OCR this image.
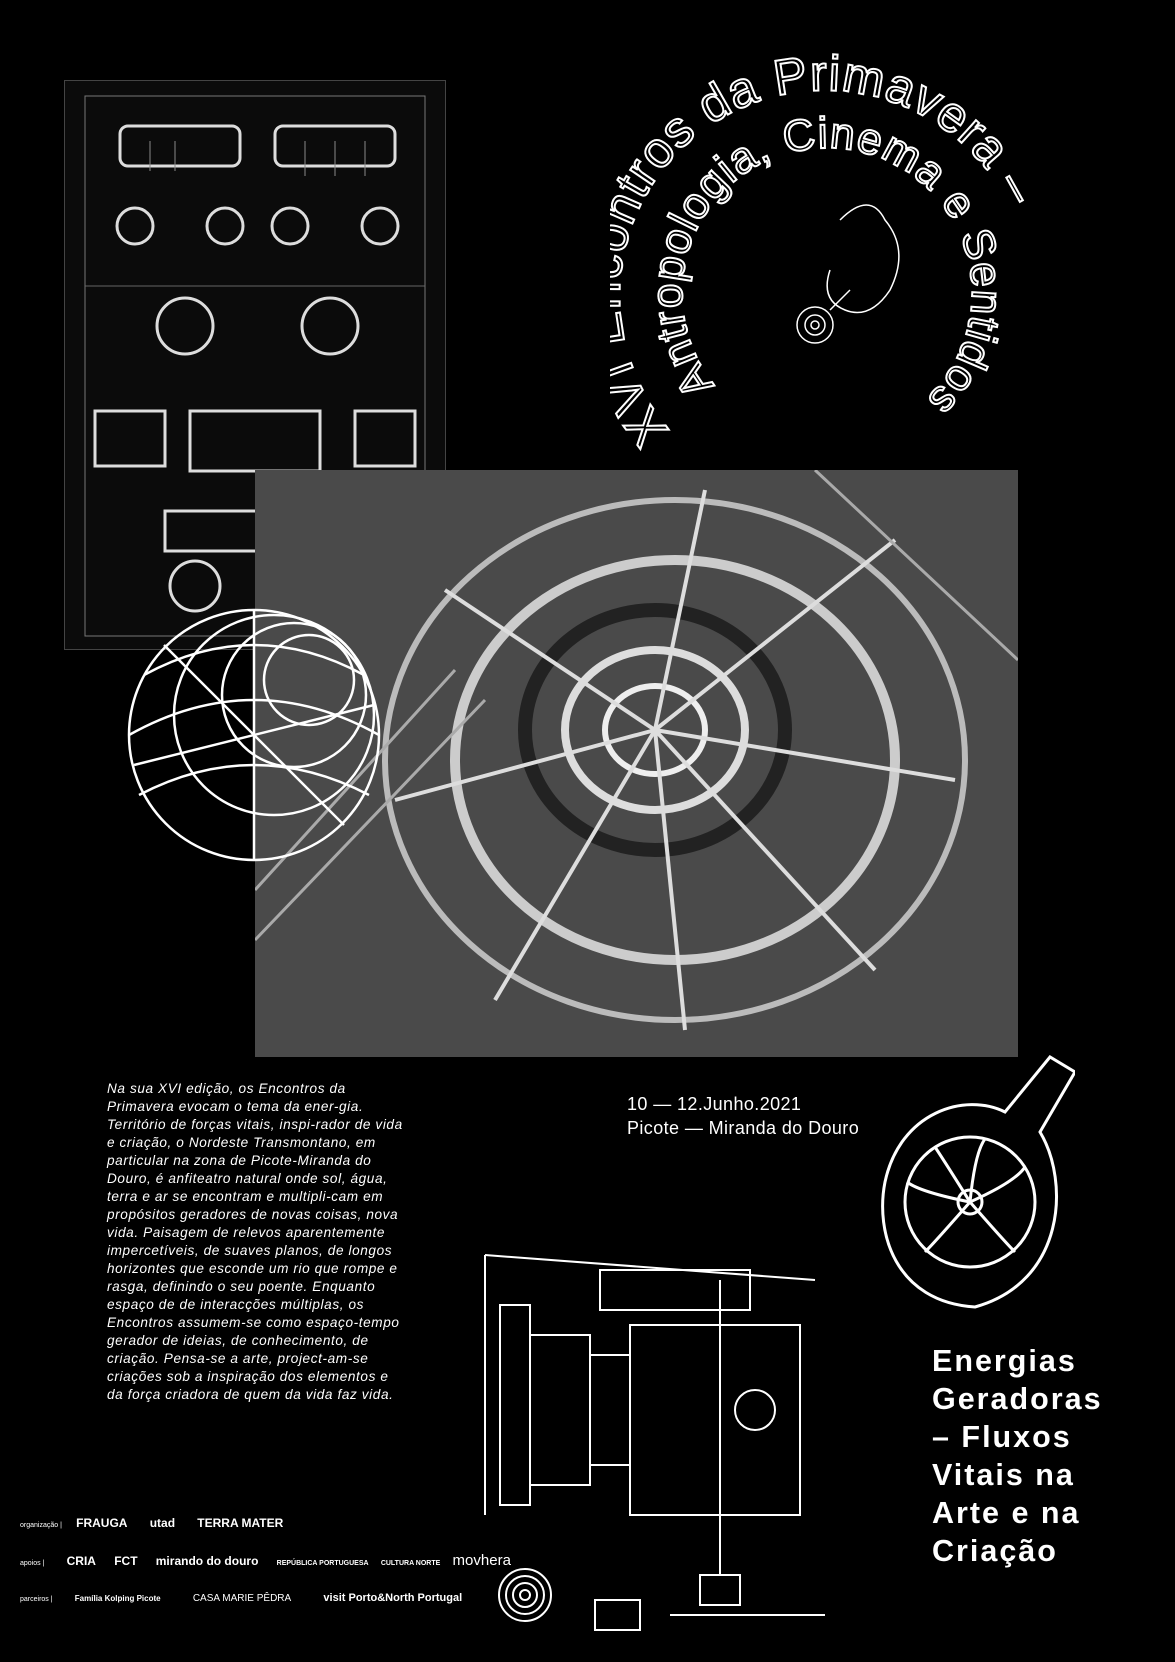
X ros da Primavera –
Antropologia, Cinema e Sentidos
Na sua XVI edição, os Encontros da Primavera evocam o tema da ener-gia. Território de forças vitais, inspi-rador de vida e criação, o Nordeste Transmontano, em particular na zona de Picote-Miranda do Douro, é anfiteatro natural onde sol, água, terra e ar se encontram e multipli-cam em propósitos geradores de novas coisas, nova vida. Paisagem de relevos aparentemente impercetíveis, de suaves planos, de longos horizontes que esconde um rio que rompe e rasga, definindo o seu poente. Enquanto espaço de de interacções múltiplas, os Encontros assumem-se como espaço-tempo gerador de ideias, de conhecimento, de criação. Pensa-se a arte, project-am-se criações sob a inspiração dos elementos e da força criadora de quem da vida faz vida.
10 — 12.Junho.2021
Picote — Miranda do Douro
Energias
Geradoras
– Fluxos
Vitais na
Arte e na
Criação
organização | FRAUGA utad TERRA MATER
apoios | CRIA FCT mirando do douro	REPÚBLICA PORTUGUESA CULTURA NORTE movhera
parceiros |	Família Kolping Picote	CASA MARIE PÊDRA	visit Porto&North Portugal
